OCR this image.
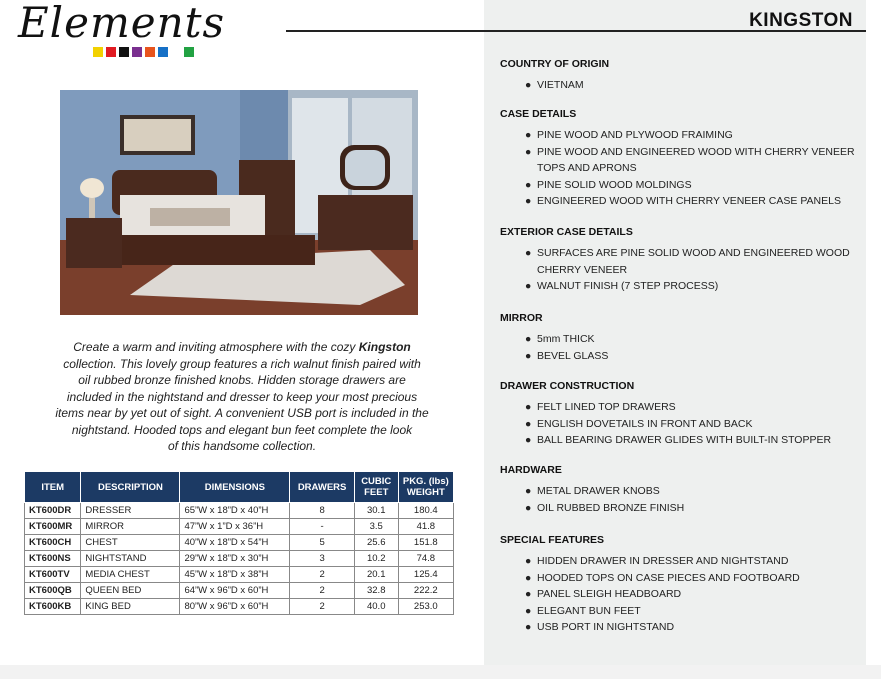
Elements	KINGSTON
Create a warm and inviting atmosphere with the cozy Kingston
collection. This lovely group features a rich walnut finish paired with
oil rubbed bronze finished knobs. Hidden storage drawers are
included in the nightstand and dresser to keep your most precious
items near by yet out of sight. A convenient USB port is included in the
nightstand. Hooded tops and elegant bun feet complete the look
of this handsome collection.
ITEM	DESCRIPTION	DIMENSIONS	DRAWERS	CUBIC FEET	PKG. (lbs) WEIGHT
KT600DR	DRESSER	65”W x 18”D x 40”H	8	30.1	180.4
KT600MR	MIRROR	47”W x 1”D x 36”H	-	3.5	41.8
KT600CH	CHEST	40”W x 18”D x 54”H	5	25.6	151.8
KT600NS	NIGHTSTAND	29”W x 18”D x 30”H	3	10.2	74.8
KT600TV	MEDIA CHEST	45”W x 18”D x 38”H	2	20.1	125.4
KT600QB	QUEEN BED	64”W x 96”D x 60”H	2	32.8	222.2
KT600KB	KING BED	80”W x 96”D x 60”H	2	40.0	253.0
COUNTRY OF ORIGIN
● VIETNAM
CASE DETAILS
● PINE WOOD AND PLYWOOD FRAIMING
● PINE WOOD AND ENGINEERED WOOD WITH CHERRY VENEER TOPS AND APRONS
● PINE SOLID WOOD MOLDINGS
● ENGINEERED WOOD WITH CHERRY VENEER CASE PANELS
EXTERIOR CASE DETAILS
● SURFACES ARE PINE SOLID WOOD AND ENGINEERED WOOD CHERRY VENEER
● WALNUT FINISH (7 STEP PROCESS)
MIRROR
● 5mm THICK
● BEVEL GLASS
DRAWER CONSTRUCTION
● FELT LINED TOP DRAWERS
● ENGLISH DOVETAILS IN FRONT AND BACK
● BALL BEARING DRAWER GLIDES WITH BUILT-IN STOPPER
HARDWARE
● METAL DRAWER KNOBS
● OIL RUBBED BRONZE FINISH
SPECIAL FEATURES
● HIDDEN DRAWER IN DRESSER AND NIGHTSTAND
● HOODED TOPS ON CASE PIECES AND FOOTBOARD
● PANEL SLEIGH HEADBOARD
● ELEGANT BUN FEET
● USB PORT IN NIGHTSTAND
